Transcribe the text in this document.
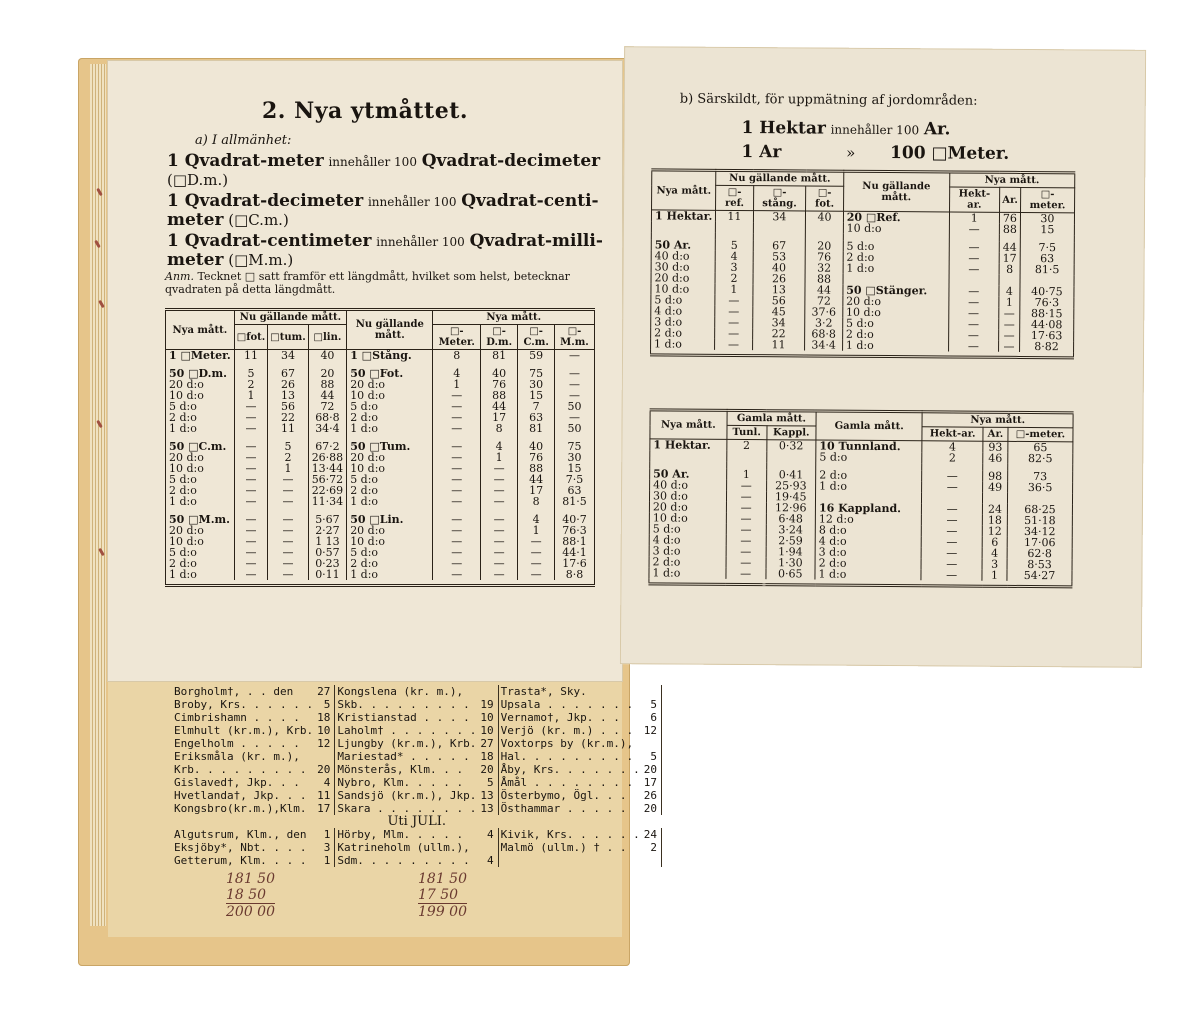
Borgholm†, . . den	27	Kongslena (kr. m.),		Trasta*, Sky.	
Broby, Krs. . . . . .	5	Skb. . . . . . . . .	19	Upsala . . . . . . .	5
Cimbrishamn . . . .	18	Kristianstad . . . .	10	Vernamo†, Jkp. . .	6
Elmhult (kr.m.), Krb.	10	Laholm† . . . . . . .	10	Verjö (kr. m.) . . .	12
Engelholm . . . . .	12	Ljungby (kr.m.), Krb.	27	Voxtorps by (kr.m.),	
Eriksmåla (kr. m.),		Mariestad* . . . . .	18	Hal. . . . . . . . .	5
Krb. . . . . . . . .	20	Mönsterås, Klm. . .	20	Åby, Krs. . . . . . .	20
Gislaved†, Jkp. . .	4	Nybro, Klm. . . . .	5	Åmål . . . . . . . .	17
Hvetlanda†, Jkp. . .	11	Sandsjö (kr.m.), Jkp.	13	Österbymo, Ögl. . .	26
Kongsbro(kr.m.),Klm.	17	Skara . . . . . . . .	13	Östhammar . . . . .	20
Uti JULI.					
Algutsrum, Klm., den	1	Hörby, Mlm. . . . .	4	Kivik, Krs. . . . . .	24
Eksjöby*, Nbt. . . .	3	Katrineholm (ullm.),		Malmö (ullm.) † . .	2
Getterum, Klm. . . .	1	Sdm. . . . . . . . .	4		
181 50
18 50
200 00
181 50
17 50
199 00
2. Nya ytmåttet.
a) I allmänhet:
1 Qvadrat-meter innehåller 100 Qvadrat-decimeter
(□D.m.)
1 Qvadrat-decimeter innehåller 100 Qvadrat-centi-
meter (□C.m.)
1 Qvadrat-centimeter innehåller 100 Qvadrat-milli-
meter (□M.m.)
Anm. Tecknet □ satt framför ett längdmått, hvilket som helst, betecknar qvadraten på detta längdmått.
Nya mått.	Nu gällande mått.			Nu gällande mått.	Nya mått.			
	□fot.	□tum.	□lin.		□-Meter.	□-D.m.	□-C.m.	□-M.m.
1 □Meter.	11	34	40	1 □Stång.	8	81	59	—

50 □D.m.	5	67	20	50 □Fot.	4	40	75	—
20 d:o	2	26	88	20 d:o	1	76	30	—
10 d:o	1	13	44	10 d:o	—	88	15	—
5 d:o	—	56	72	5 d:o	—	44	7	50
2 d:o	—	22	68·8	2 d:o	—	17	63	—
1 d:o	—	11	34·4	1 d:o	—	8	81	50

50 □C.m.	—	5	67·2	50 □Tum.	—	4	40	75
20 d:o	—	2	26·88	20 d:o	—	1	76	30
10 d:o	—	1	13·44	10 d:o	—	—	88	15
5 d:o	—	—	56·72	5 d:o	—	—	44	7·5
2 d:o	—	—	22·69	2 d:o	—	—	17	63
1 d:o	—	—	11·34	1 d:o	—	—	8	81·5

50 □M.m.	—	—	5·67	50 □Lin.	—	—	4	40·7
20 d:o	—	—	2·27	20 d:o	—	—	1	76·3
10 d:o	—	—	1 13	10 d:o	—	—	—	88·1
5 d:o	—	—	0·57	5 d:o	—	—	—	44·1
2 d:o	—	—	0·23	2 d:o	—	—	—	17·6
1 d:o	—	—	0·11	1 d:o	—	—	—	8·8

b) Särskildt, för uppmätning af jordområden:
1 Hektar innehåller 100 Ar.
1 Ar	» 100 □Meter.
Nya mått.	Nu gällande mått.			Nu gällande mått.	Nya mått.		
	□-ref.	□-stång.	□-fot.		Hekt-ar.	Ar.	□-meter.
1 Hektar.	11	34	40	20 □Ref.	1	76	30
				10 d:o	—	88	15

50 Ar.	5	67	20	5 d:o	—	44	7·5
40 d:o	4	53	76	2 d:o	—	17	63
30 d:o	3	40	32	1 d:o	—	8	81·5
20 d:o	2	26	88				
10 d:o	1	13	44	50 □Stänger.	—	4	40·75
5 d:o	—	56	72	20 d:o	—	1	76·3
4 d:o	—	45	37·6	10 d:o	—	—	88·15
3 d:o	—	34	3·2	5 d:o	—	—	44·08
2 d:o	—	22	68·8	2 d:o	—	—	17·63
1 d:o	—	11	34·4	1 d:o	—	—	8·82

Nya mått.	Gamla mått.		Gamla mått.	Nya mått.		
	Tunl.	Kappl.		Hekt-ar.	Ar.	□-meter.
1 Hektar.	2	0·32	10 Tunnland.	4	93	65
			5 d:o	2	46	82·5

50 Ar.	1	0·41	2 d:o	—	98	73
40 d:o	—	25·93	1 d:o	—	49	36·5
30 d:o	—	19·45				
20 d:o	—	12·96	16 Kappland.	—	24	68·25
10 d:o	—	6·48	12 d:o	—	18	51·18
5 d:o	—	3·24	8 d:o	—	12	34·12
4 d:o	—	2·59	4 d:o	—	6	17·06
3 d:o	—	1·94	3 d:o	—	4	62·8
2 d:o	—	1·30	2 d:o	—	3	8·53
1 d:o	—	0·65	1 d:o	—	1	54·27
